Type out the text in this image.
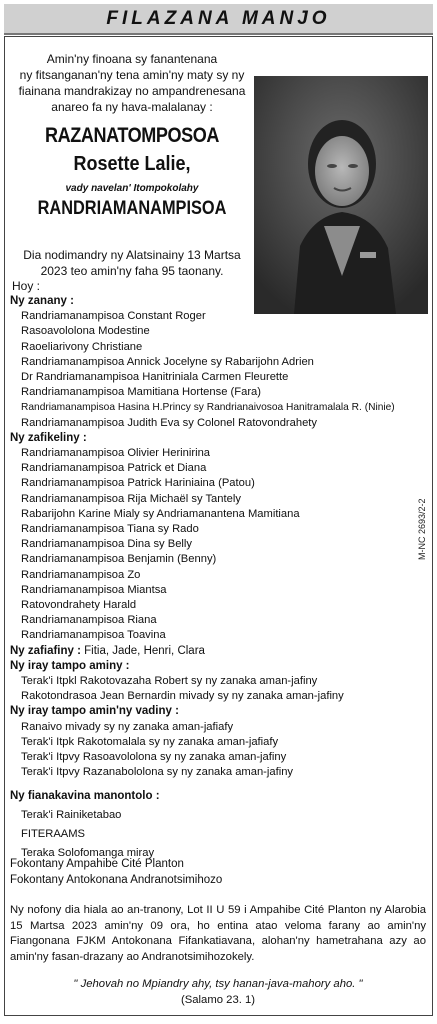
FILAZANA MANJO
Amin'ny finoana sy fanantenana
ny fitsanganan'ny tena amin'ny maty sy ny
fiainana mandrakizay no ampandrenesana
anareo fa ny hava-malalanay :
RAZANATOMPOSOA
Rosette Lalie,
vady navelan' Itompokolahy
RANDRIAMANAMPISOA
Dia nodimandry ny Alatsinainy 13 Martsa
2023 teo amin'ny faha 95 taonany.
Hoy :
Ny zanany :
Randriamanampisoa Constant Roger
Rasoavololona Modestine
Raoeliarivony Christiane
Randriamanampisoa Annick Jocelyne sy Rabarijohn Adrien
Dr Randriamanampisoa Hanitriniala Carmen Fleurette
Randriamanampisoa Mamitiana Hortense (Fara)
Randriamanampisoa Hasina H.Princy sy Randrianaivosoa Hanitramalala R. (Ninie)
Randriamanampisoa Judith Eva sy Colonel Ratovondrahety
Ny zafikeliny :
Randriamanampisoa Olivier Herinirina
Randriamanampisoa Patrick et Diana
Randriamanampisoa Patrick Hariniaina (Patou)
Randriamanampisoa Rija Michaël sy Tantely
Rabarijohn Karine Mialy sy Andriamanantena Mamitiana
Randriamanampisoa Tiana sy Rado
Randriamanampisoa Dina sy Belly
Randriamanampisoa Benjamin (Benny)
Randriamanampisoa Zo
Randriamanampisoa Miantsa
Ratovondrahety Harald
Randriamanampisoa Riana
Randriamanampisoa Toavina
Ny zafiafiny : Fitia, Jade, Henri, Clara
Ny iray tampo aminy :
Terak'i Itpkl Rakotovazaha Robert sy ny zanaka aman-jafiny
Rakotondrasoa Jean Bernardin mivady sy ny zanaka aman-jafiny
Ny iray tampo amin'ny vadiny :
Ranaivo mivady sy ny zanaka aman-jafiafy
Terak'i Itpk Rakotomalala sy ny zanaka aman-jafiafy
Terak'i Itpvy Rasoavololona sy ny zanaka aman-jafiny
Terak'i Itpvy Razanabololona sy ny zanaka aman-jafiny
Ny fianakavina manontolo :
Terak'i Rainiketabao
FITERAAMS
Teraka Solofomanga miray
Fokontany Ampahibe Cité Planton
Fokontany Antokonana Andranotsimihozo
Ny nofony dia hiala ao an-tranony, Lot II U 59 i Ampahibe Cité Planton ny Alarobia 15 Martsa 2023 amin'ny 09 ora, ho entina atao veloma farany ao amin'ny Fiangonana FJKM Antokonana Fifankatiavana, alohan'ny hametrahana azy ao amin'ny fasan-drazany ao Andranotsimihozokely.
" Jehovah no Mpiandry ahy, tsy hanan-java-mahory aho. "
(Salamo 23. 1)
M-NC 2693/2-2
